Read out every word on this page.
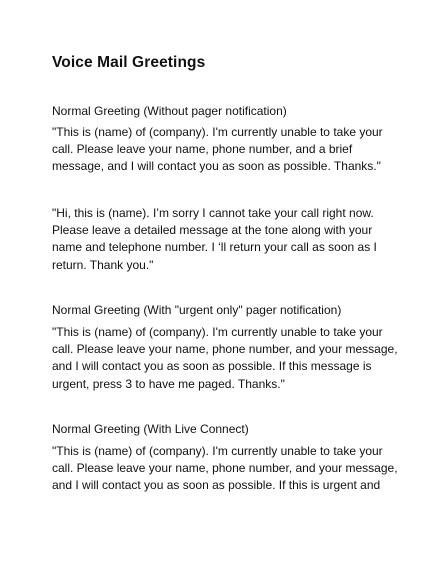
Voice Mail Greetings
Normal Greeting (Without pager notification)
"This is (name) of (company). I'm currently unable to take your
call. Please leave your name, phone number, and a brief
message, and I will contact you as soon as possible. Thanks."
"Hi, this is (name). I’m sorry I cannot take your call right now.
Please leave a detailed message at the tone along with your
name and telephone number. I ‘ll return your call as soon as I
return. Thank you."
Normal Greeting (With "urgent only" pager notification)
"This is (name) of (company). I'm currently unable to take your
call. Please leave your name, phone number, and your message,
and I will contact you as soon as possible. If this message is
urgent, press 3 to have me paged. Thanks."
Normal Greeting (With Live Connect)
"This is (name) of (company). I'm currently unable to take your
call. Please leave your name, phone number, and your message,
and I will contact you as soon as possible. If this is urgent and
